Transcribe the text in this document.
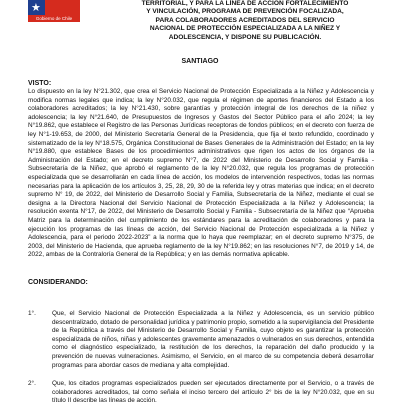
★
Gobierno de Chile
TERRITORIAL, Y PARA LA LÍNEA DE ACCIÓN FORTALECIMIENTO Y VINCULACIÓN, PROGRAMA DE PREVENCIÓN FOCALIZADA, PARA COLABORADORES ACREDITADOS DEL SERVICIO NACIONAL DE PROTECCIÓN ESPECIALIZADA A LA NIÑEZ Y ADOLESCENCIA, Y DISPONE SU PUBLICACIÓN.
SANTIAGO
VISTO:
Lo dispuesto en la ley N°21.302, que crea el Servicio Nacional de Protección Especializada a la Niñez y Adolescencia y modifica normas legales que indica; la ley N°20.032, que regula el régimen de aportes financieros del Estado a los colaboradores acreditados; la ley N°21.430, sobre garantías y protección integral de los derechos de la niñez y adolescencia; la ley N°21.640, de Presupuestos de Ingresos y Gastos del Sector Público para el año 2024; la ley N°19.862, que establece el Registro de las Personas Jurídicas receptoras de fondos públicos; en el decreto con fuerza de ley N°1-19.653, de 2000, del Ministerio Secretaría General de la Presidencia, que fija el texto refundido, coordinado y sistematizado de la ley N°18.575, Orgánica Constitucional de Bases Generales de la Administración del Estado; en la ley N°19.880, que establece Bases de los procedimientos administrativos que rigen los actos de los órganos de la Administración del Estado; en el decreto supremo N°7, de 2022 del Ministerio de Desarrollo Social y Familia - Subsecretaría de la Niñez, que aprobó el reglamento de la ley N°20.032, que regula los programas de protección especializada que se desarrollarán en cada línea de acción, los modelos de intervención respectivos, todas las normas necesarias para la aplicación de los artículos 3, 25, 28, 29, 30 de la referida ley y otras materias que indica; en el decreto supremo N° 19, de 2022, del Ministerio de Desarrollo Social y Familia, Subsecretaría de la Niñez, mediante el cual se designa a la Directora Nacional del Servicio Nacional de Protección Especializada a la Niñez y Adolescencia; la resolución exenta N°17, de 2022, del Ministerio de Desarrollo Social y Familia - Subsecretaría de la Niñez que “Aprueba Matriz para la determinación del cumplimiento de los estándares para la acreditación de colaboradores y para la ejecución los programas de las líneas de acción, del Servicio Nacional de Protección especializada a la Niñez y Adolescencia, para el periodo 2022-2023” a la norma que lo haya que reemplazar; en el decreto supremo N°375, de 2003, del Ministerio de Hacienda, que aprueba reglamento de la ley N°19.862; en las resoluciones N°7, de 2019 y 14, de 2022, ambas de la Contraloría General de la República; y en las demás normativa aplicable.
CONSIDERANDO:
1°.	Que, el Servicio Nacional de Protección Especializada a la Niñez y Adolescencia, es un servicio público descentralizado, dotado de personalidad jurídica y patrimonio propio, sometido a la supervigilancia del Presidente de la República a través del Ministerio de Desarrollo Social y Familia, cuyo objeto es garantizar la protección especializada de niños, niñas y adolescentes gravemente amenazados o vulnerados en sus derechos, entendida como el diagnóstico especializado, la restitución de los derechos, la reparación del daño producido y la prevención de nuevas vulneraciones. Asimismo, el Servicio, en el marco de su competencia deberá desarrollar programas para abordar casos de mediana y alta complejidad.
2°.	Que, los citados programas especializados pueden ser ejecutados directamente por el Servicio, o a través de colaboradores acreditados, tal como señala el inciso tercero del artículo 2° bis de la ley N°20.032, que en su título II describe las líneas de acción.
